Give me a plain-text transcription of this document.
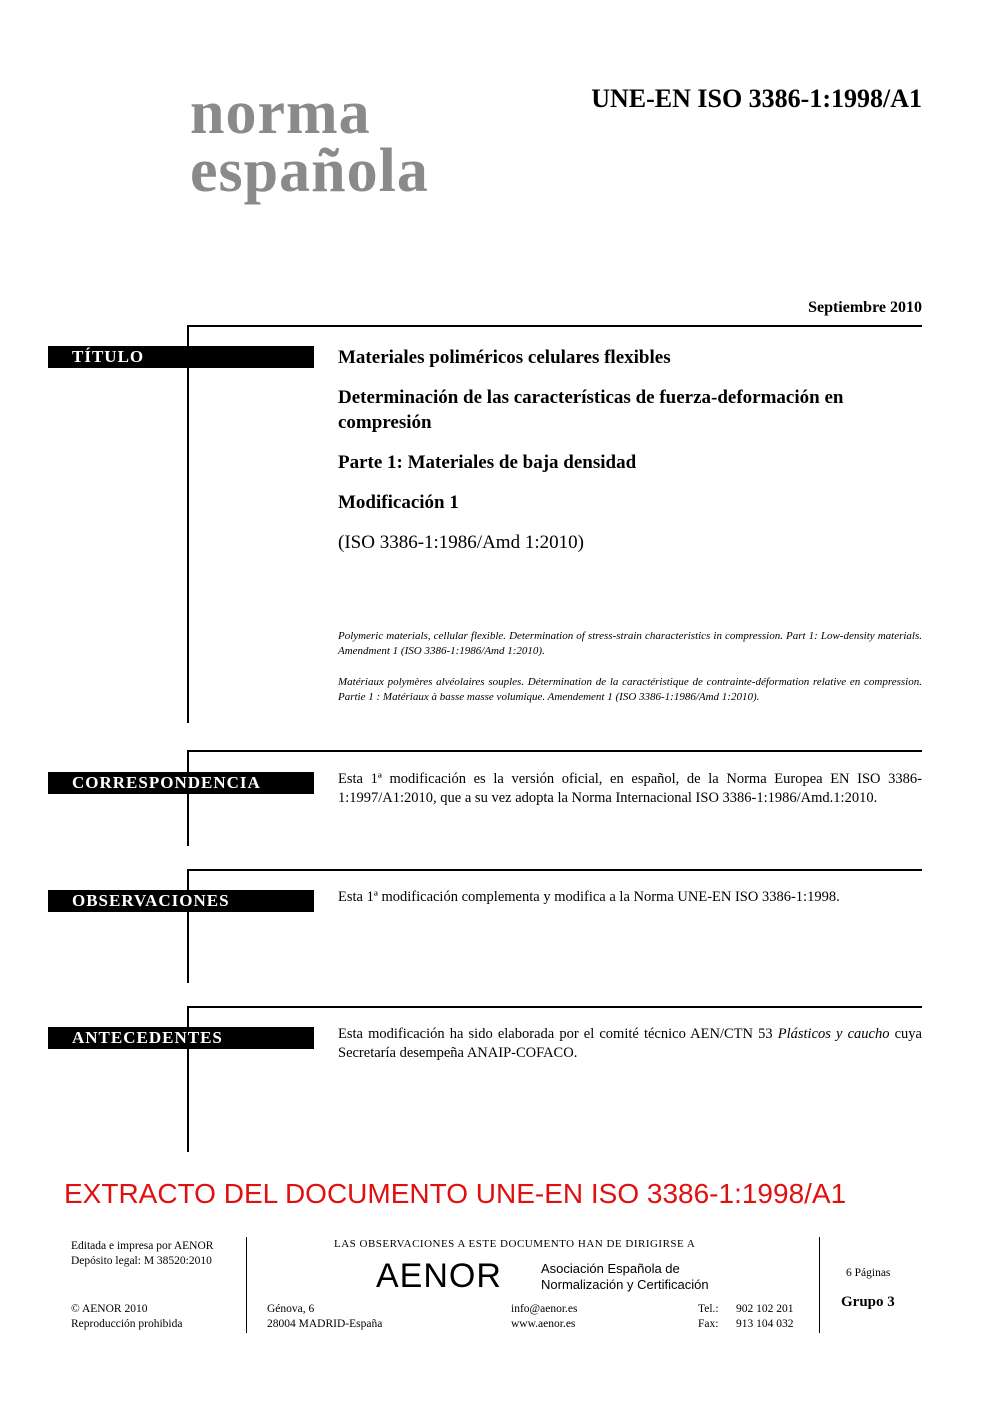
norma
española
UNE-EN ISO 3386-1:1998/A1
Septiembre 2010
TÍTULO	Materiales poliméricos celulares flexibles
Determinación de las características de fuerza-deformación en compresión
Parte 1: Materiales de baja densidad
Modificación 1
(ISO 3386-1:1986/Amd 1:2010)
Polymeric materials, cellular flexible. Determination of stress-strain characteristics in compression. Part 1: Low-density materials. Amendment 1 (ISO 3386-1:1986/Amd 1:2010).
Matériaux polymères alvéolaires souples. Détermination de la caractéristique de contrainte-déformation relative en compression. Partie 1 : Matériaux à basse masse volumique. Amendement 1 (ISO 3386-1:1986/Amd 1:2010).
CORRESPONDENCIA	Esta 1ª modificación es la versión oficial, en español, de la Norma Europea EN ISO 3386-1:1997/A1:2010, que a su vez adopta la Norma Internacional ISO 3386-1:1986/Amd.1:2010.
OBSERVACIONES	Esta 1ª modificación complementa y modifica a la Norma UNE-EN ISO 3386-1:1998.
ANTECEDENTES	Esta modificación ha sido elaborada por el comité técnico AEN/CTN 53 Plásticos y caucho cuya Secretaría desempeña ANAIP-COFACO.
EXTRACTO DEL DOCUMENTO UNE-EN ISO 3386-1:1998/A1
Editada e impresa por AENOR
Depósito legal: M 38520:2010
© AENOR 2010
Reproducción prohibida
LAS OBSERVACIONES A ESTE DOCUMENTO HAN DE DIRIGIRSE A
AENOR	Asociación Española de
Normalización y Certificación
Génova, 6
28004 MADRID-España
info@aenor.es
www.aenor.es
Tel.: 902 102 201
Fax: 913 104 032
6 Páginas
Grupo 3
